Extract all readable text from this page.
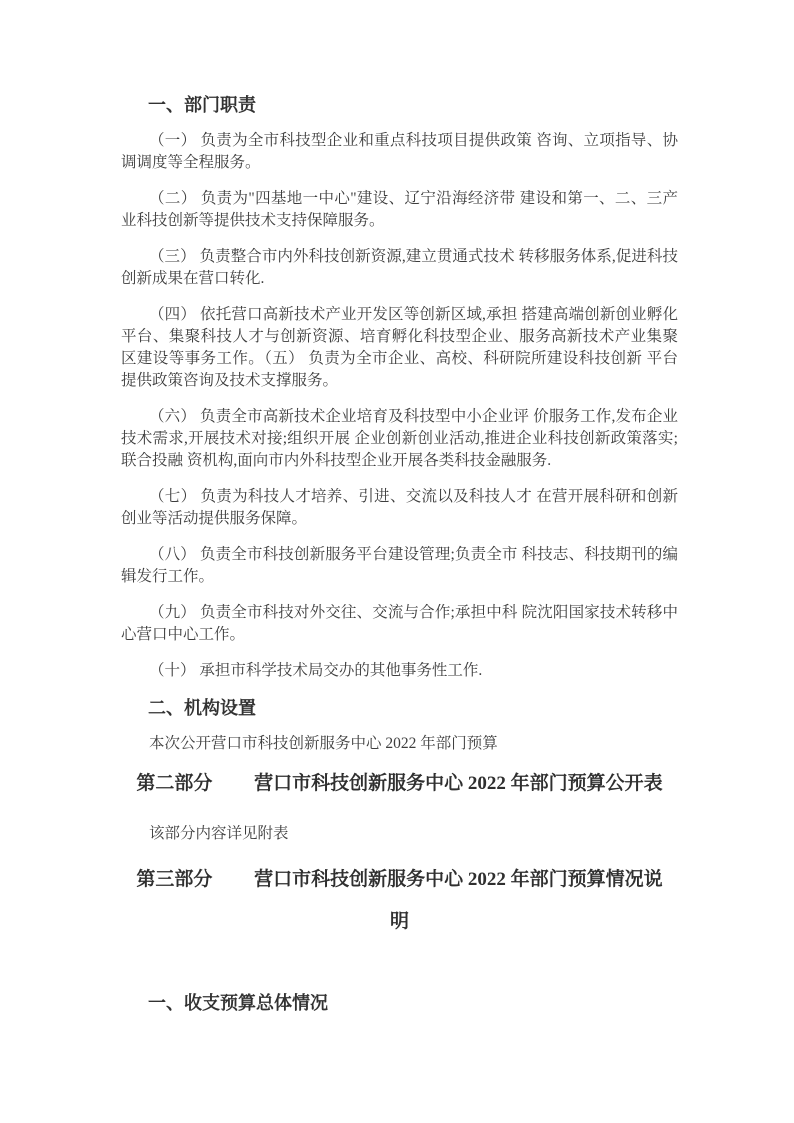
一、部门职责

（一） 负责为全市科技型企业和重点科技项目提供政策 咨询、立项指导、协调调度等全程服务。

（二） 负责为"四基地一中心"建设、辽宁沿海经济带 建设和第一、二、三产业科技创新等提供技术支持保障服务。

（三） 负责整合市内外科技创新资源,建立贯通式技术 转移服务体系,促进科技创新成果在营口转化.

（四） 依托营口高新技术产业开发区等创新区域,承担 搭建高端创新创业孵化平台、集聚科技人才与创新资源、培育孵化科技型企业、服务高新技术产业集聚区建设等事务工作。（五） 负责为全市企业、高校、科研院所建设科技创新 平台提供政策咨询及技术支撑服务。

（六） 负责全市高新技术企业培育及科技型中小企业评 价服务工作,发布企业技术需求,开展技术对接;组织开展 企业创新创业活动,推进企业科技创新政策落实;联合投融 资机构,面向市内外科技型企业开展各类科技金融服务.

（七） 负责为科技人才培养、引进、交流以及科技人才 在营开展科研和创新创业等活动提供服务保障。

（八） 负责全市科技创新服务平台建设管理;负责全市 科技志、科技期刊的编辑发行工作。

（九） 负责全市科技对外交往、交流与合作;承担中科 院沈阳国家技术转移中心营口中心工作。

（十） 承担市科学技术局交办的其他事务性工作.

二、机构设置

本次公开营口市科技创新服务中心 2022 年部门预算

第二部分 营口市科技创新服务中心 2022 年部门预算公开表

该部分内容详见附表

第三部分 营口市科技创新服务中心 2022 年部门预算情况说
明
一、收支预算总体情况
